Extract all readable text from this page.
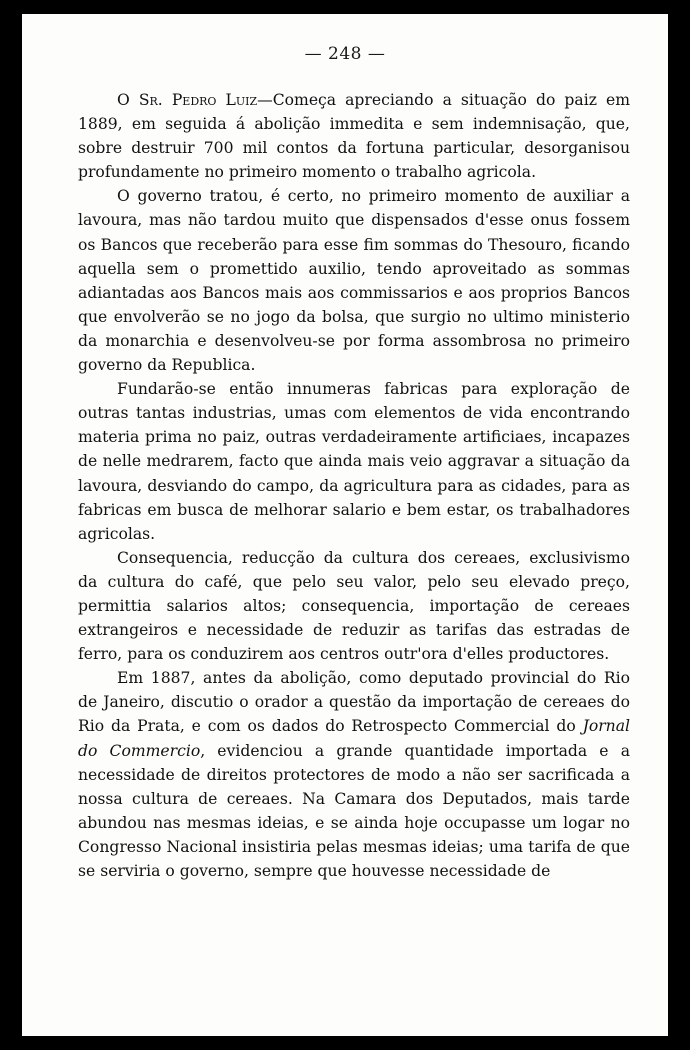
— 248 —

O Sr. Pedro Luiz—Começa apreciando a situação do paiz em 1889, em seguida á abolição immedita e sem indemnisação, que, sobre destruir 700 mil contos da fortuna particular, desorganisou profundamente no primeiro momento o trabalho agricola.

O governo tratou, é certo, no primeiro momento de auxiliar a lavoura, mas não tardou muito que dispensados d'esse onus fossem os Bancos que receberão para esse fim sommas do Thesouro, ficando aquella sem o promettido auxilio, tendo aproveitado as sommas adiantadas aos Bancos mais aos commissarios e aos proprios Bancos que envolverão se no jogo da bolsa, que surgio no ultimo ministerio da monarchia e desenvolveu-se por forma assombrosa no primeiro governo da Republica.

Fundarão-se então innumeras fabricas para exploração de outras tantas industrias, umas com elementos de vida encontrando materia prima no paiz, outras verdadeiramente artificiaes, incapazes de nelle medrarem, facto que ainda mais veio aggravar a situação da lavoura, desviando do campo, da agricultura para as cidades, para as fabricas em busca de melhorar salario e bem estar, os trabalhadores agricolas.

Consequencia, reducção da cultura dos cereaes, exclusivismo da cultura do café, que pelo seu valor, pelo seu elevado preço, permittia salarios altos; consequencia, importação de cereaes extrangeiros e necessidade de reduzir as tarifas das estradas de ferro, para os conduzirem aos centros outr'ora d'elles productores.

Em 1887, antes da abolição, como deputado provincial do Rio de Janeiro, discutio o orador a questão da importação de cereaes do Rio da Prata, e com os dados do Retrospecto Commercial do Jornal do Commercio, evidenciou a grande quantidade importada e a necessidade de direitos protectores de modo a não ser sacrificada a nossa cultura de cereaes. Na Camara dos Deputados, mais tarde abundou nas mesmas ideias, e se ainda hoje occupasse um logar no Congresso Nacional insistiria pelas mesmas ideias; uma tarifa de que se serviria o governo, sempre que houvesse necessidade de
